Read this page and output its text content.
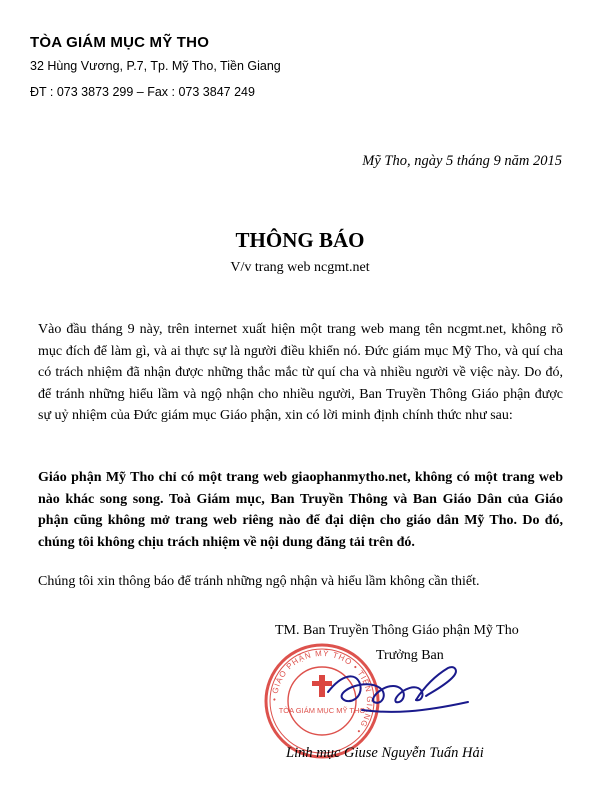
TÒA GIÁM MỤC MỸ THO
32 Hùng Vương, P.7, Tp. Mỹ Tho, Tiền Giang
ĐT : 073 3873 299 – Fax : 073 3847 249
Mỹ Tho, ngày 5 tháng 9 năm 2015
THÔNG BÁO
V/v trang web ncgmt.net
Vào đầu tháng 9 này, trên internet xuất hiện một trang web mang tên ncgmt.net, không rõ mục đích để làm gì, và ai thực sự là người điều khiển nó. Đức giám mục Mỹ Tho, và quí cha có trách nhiệm đã nhận được những thắc mắc từ quí cha và nhiều người về việc này. Do đó, để tránh những hiểu lầm và ngộ nhận cho nhiều người, Ban Truyền Thông Giáo phận được sự uỷ nhiệm của Đức giám mục Giáo phận, xin có lời minh định chính thức như sau:
Giáo phận Mỹ Tho chỉ có một trang web giaophanmytho.net, không có một trang web nào khác song song. Toà Giám mục, Ban Truyền Thông và Ban Giáo Dân của Giáo phận cũng không mở trang web riêng nào để đại diện cho giáo dân Mỹ Tho. Do đó, chúng tôi không chịu trách nhiệm về nội dung đăng tải trên đó.
Chúng tôi xin thông báo để tránh những ngộ nhận và hiểu lầm không cần thiết.
TM. Ban Truyền Thông Giáo phận Mỹ Tho
Trưởng Ban
• GIÁO PHẬN MỸ THO • TIỀN GIANG •
TÒA GIÁM MỤC MỸ THO
Linh mục Giuse Nguyễn Tuấn Hải
